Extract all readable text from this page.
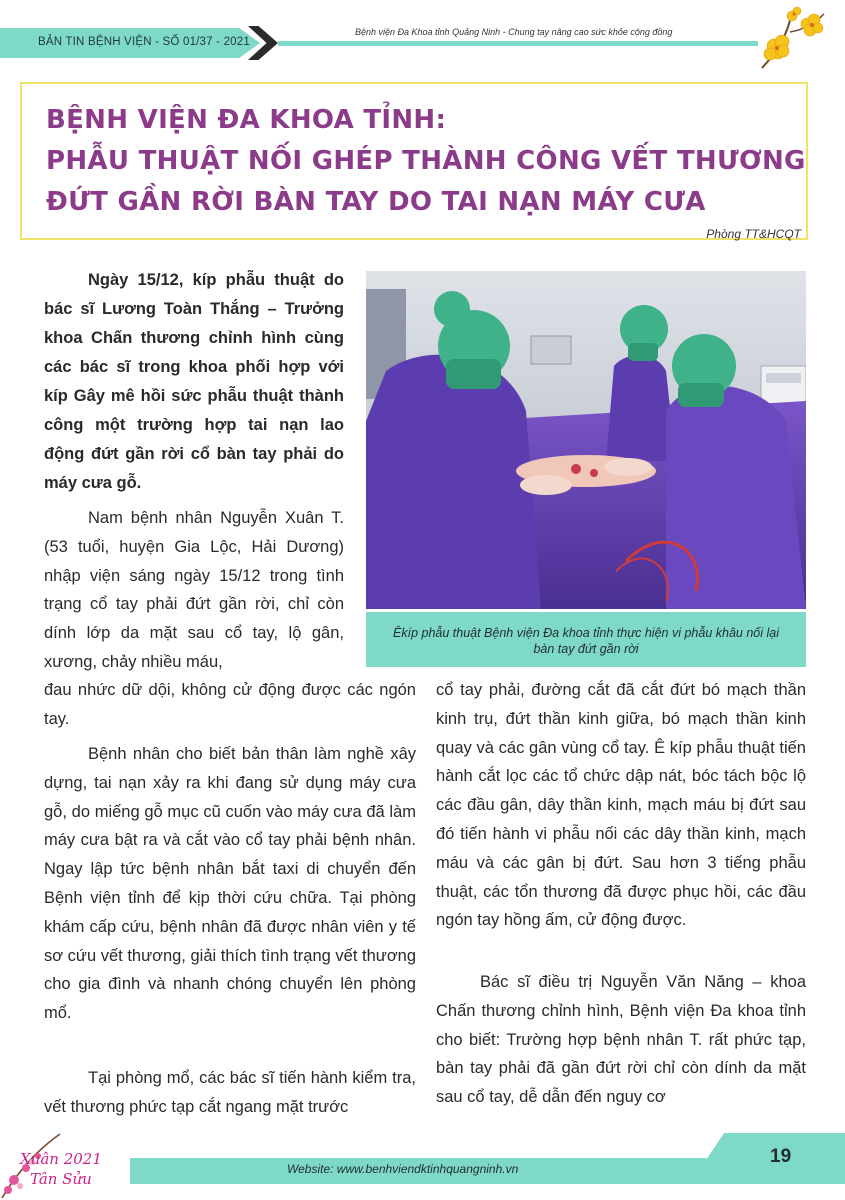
BẢN TIN BỆNH VIỆN - SỐ 01/37 - 2021
Bệnh viện Đa Khoa tỉnh Quảng Ninh - Chung tay nâng cao sức khỏe cộng đồng
BỆNH VIỆN ĐA KHOA TỈNH:
PHẪU THUẬT NỐI GHÉP THÀNH CÔNG VẾT THƯƠNG
ĐỨT GẦN RỜI BÀN TAY DO TAI NẠN MÁY CƯA
Phòng TT&HCQT
Êkíp phẫu thuật Bệnh viện Đa khoa tỉnh thực hiện vi phẫu khâu nối lại bàn tay đứt gần rời

Ngày 15/12, kíp phẫu thuật do bác sĩ Lương Toàn Thắng – Trưởng khoa Chấn thương chỉnh hình cùng các bác sĩ trong khoa phối hợp với kíp Gây mê hồi sức phẫu thuật thành công một trường hợp tai nạn lao động đứt gần rời cổ bàn tay phải do máy cưa gỗ.

Nam bệnh nhân Nguyễn Xuân T. (53 tuổi, huyện Gia Lộc, Hải Dương) nhập viện sáng ngày 15/12 trong tình trạng cổ tay phải đứt gần rời, chỉ còn dính lớp da mặt sau cổ tay, lộ gân, xương, chảy nhiều máu,

đau nhức dữ dội, không cử động được các ngón tay.

Bệnh nhân cho biết bản thân làm nghề xây dựng, tai nạn xảy ra khi đang sử dụng máy cưa gỗ, do miếng gỗ mục cũ cuốn vào máy cưa đã làm máy cưa bật ra và cắt vào cổ tay phải bệnh nhân. Ngay lập tức bệnh nhân bắt taxi di chuyển đến Bệnh viện tỉnh để kịp thời cứu chữa. Tại phòng khám cấp cứu, bệnh nhân đã được nhân viên y tế sơ cứu vết thương, giải thích tình trạng vết thương cho gia đình và nhanh chóng chuyển lên phòng mổ.

Tại phòng mổ, các bác sĩ tiến hành kiểm tra, vết thương phức tạp cắt ngang mặt trước

cổ tay phải, đường cắt đã cắt đứt bó mạch thần kinh trụ, đứt thần kinh giữa, bó mạch thần kinh quay và các gân vùng cổ tay. Ê kíp phẫu thuật tiến hành cắt lọc các tổ chức dập nát, bóc tách bộc lộ các đầu gân, dây thần kinh, mạch máu bị đứt sau đó tiến hành vi phẫu nối các dây thần kinh, mạch máu và các gân bị đứt. Sau hơn 3 tiếng phẫu thuật, các tổn thương đã được phục hồi, các đầu ngón tay hồng ấm, cử động được.

Bác sĩ điều trị Nguyễn Văn Năng – khoa Chấn thương chỉnh hình, Bệnh viện Đa khoa tỉnh cho biết: Trường hợp bệnh nhân T. rất phức tạp, bàn tay phải đã gần đứt rời chỉ còn dính da mặt sau cổ tay, dễ dẫn đến nguy cơ

Website: www.benhviendktinhquangninh.vn
19
Xuân 2021
Tân Sửu
